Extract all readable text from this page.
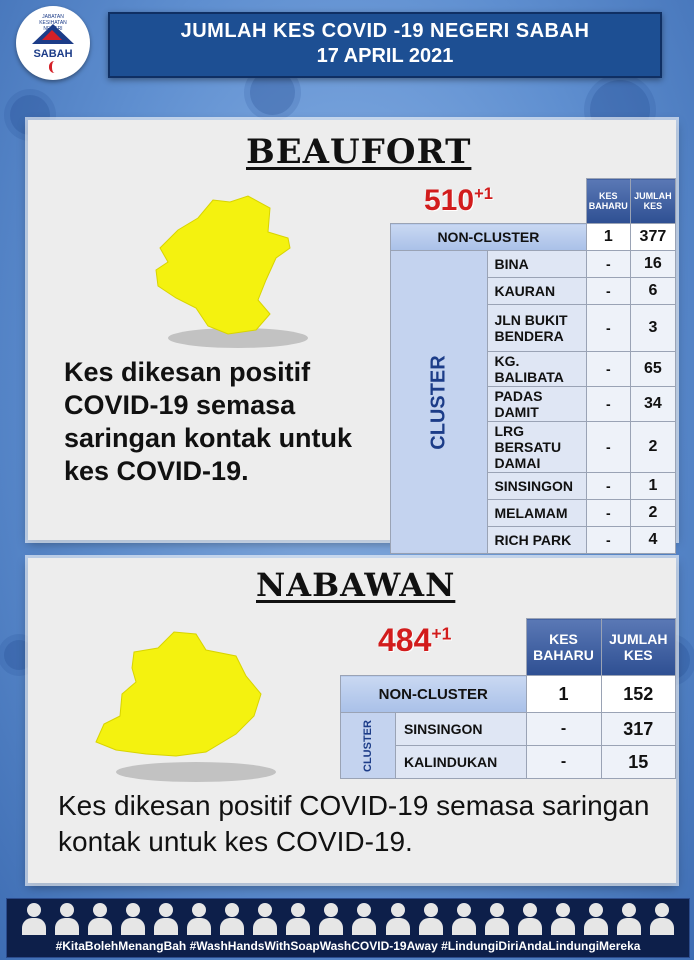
JABATAN KESIHATAN NEGERI
SABAH
JUMLAH KES COVID -19 NEGERI SABAH
17 APRIL 2021
BEAUFORT
$510^{+1}$
Kes dikesan positif COVID-19 semasa saringan kontak untuk kes COVID-19.
		KES BAHARU	JUMLAH KES
NON-CLUSTER		1	377
CLUSTER	BINA	-	16
	KAURAN	-	6
	JLN BUKIT BENDERA	-	3
	KG. BALIBATA	-	65
	PADAS DAMIT	-	34
	LRG BERSATU DAMAI	-	2
	SINSINGON	-	1
	MELAMAM	-	2
	RICH PARK	-	4
NABAWAN
$484^{+1}$
Kes dikesan positif COVID-19 semasa saringan kontak untuk kes COVID-19.
		KES BAHARU	JUMLAH KES
NON-CLUSTER		1	152
CLUSTER	SINSINGON	-	317
	KALINDUKAN	-	15
#KitaBolehMenangBah #WashHandsWithSoapWashCOVID-19Away #LindungiDiriAndaLindungiMereka
